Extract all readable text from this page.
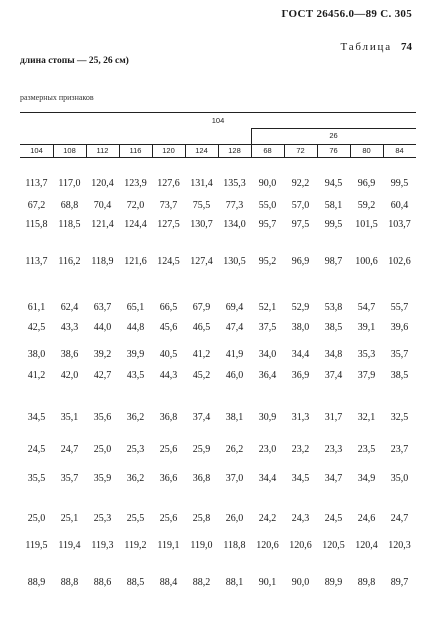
ГОСТ 26456.0—89 С. 305
Таблица 74
длина стопы — 25, 26 см)
размерных признаков
104
26
104	108	112	116	120	124	128	68	72	76	80	84
113,7	117,0	120,4	123,9	127,6	131,4	135,3	90,0	92,2	94,5	96,9	99,5
67,2	68,8	70,4	72,0	73,7	75,5	77,3	55,0	57,0	58,1	59,2	60,4
115,8	118,5	121,4	124,4	127,5	130,7	134,0	95,7	97,5	99,5	101,5	103,7
113,7	116,2	118,9	121,6	124,5	127,4	130,5	95,2	96,9	98,7	100,6	102,6
61,1	62,4	63,7	65,1	66,5	67,9	69,4	52,1	52,9	53,8	54,7	55,7
42,5	43,3	44,0	44,8	45,6	46,5	47,4	37,5	38,0	38,5	39,1	39,6
38,0	38,6	39,2	39,9	40,5	41,2	41,9	34,0	34,4	34,8	35,3	35,7
41,2	42,0	42,7	43,5	44,3	45,2	46,0	36,4	36,9	37,4	37,9	38,5
34,5	35,1	35,6	36,2	36,8	37,4	38,1	30,9	31,3	31,7	32,1	32,5
24,5	24,7	25,0	25,3	25,6	25,9	26,2	23,0	23,2	23,3	23,5	23,7
35,5	35,7	35,9	36,2	36,6	36,8	37,0	34,4	34,5	34,7	34,9	35,0
25,0	25,1	25,3	25,5	25,6	25,8	26,0	24,2	24,3	24,5	24,6	24,7
119,5	119,4	119,3	119,2	119,1	119,0	118,8	120,6	120,6	120,5	120,4	120,3
88,9	88,8	88,6	88,5	88,4	88,2	88,1	90,1	90,0	89,9	89,8	89,7
